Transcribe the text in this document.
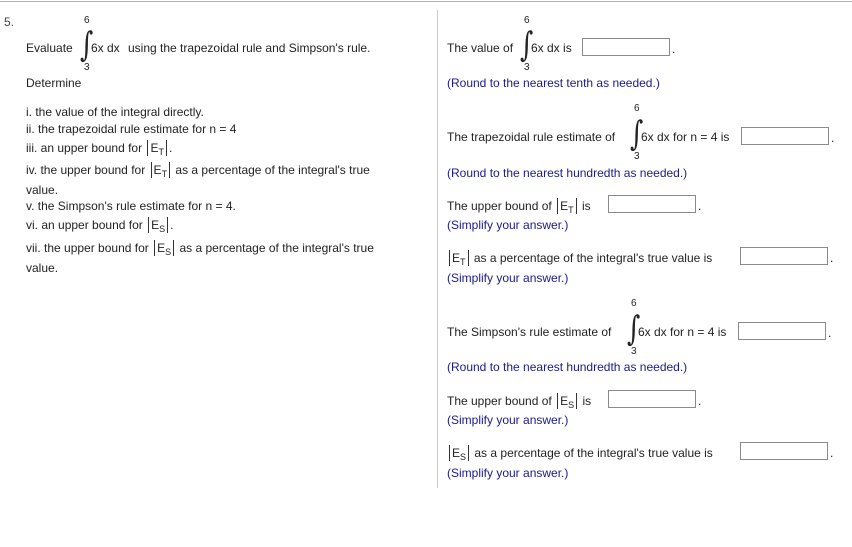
5.
Evaluate
6
∫
3
6x dx using the trapezoidal rule and Simpson's rule.
Determine
i. the value of the integral directly.
ii. the trapezoidal rule estimate for n = 4
iii. an upper bound for $E_T$ .
iv. the upper bound for $E_T$ as a percentage of the integral's true
value.
v. the Simpson's rule estimate for n = 4.
vi. an upper bound for $E_S$ .
vii. the upper bound for $E_S$ as a percentage of the integral's true
value.
6
The value of ∫
3
6x dx is	.
(Round to the nearest tenth as needed.)
6
The trapezoidal rule estimate of ∫
3
6x dx for n = 4 is	.
(Round to the nearest hundredth as needed.)
The upper bound of $E_T$ is	.
(Simplify your answer.)
$E_T$ as a percentage of the integral's true value is	.
(Simplify your answer.)
6
The Simpson's rule estimate of ∫
3
6x dx for n = 4 is	.
(Round to the nearest hundredth as needed.)
The upper bound of $E_S$ is	.
(Simplify your answer.)
$E_S$ as a percentage of the integral's true value is	.
(Simplify your answer.)
